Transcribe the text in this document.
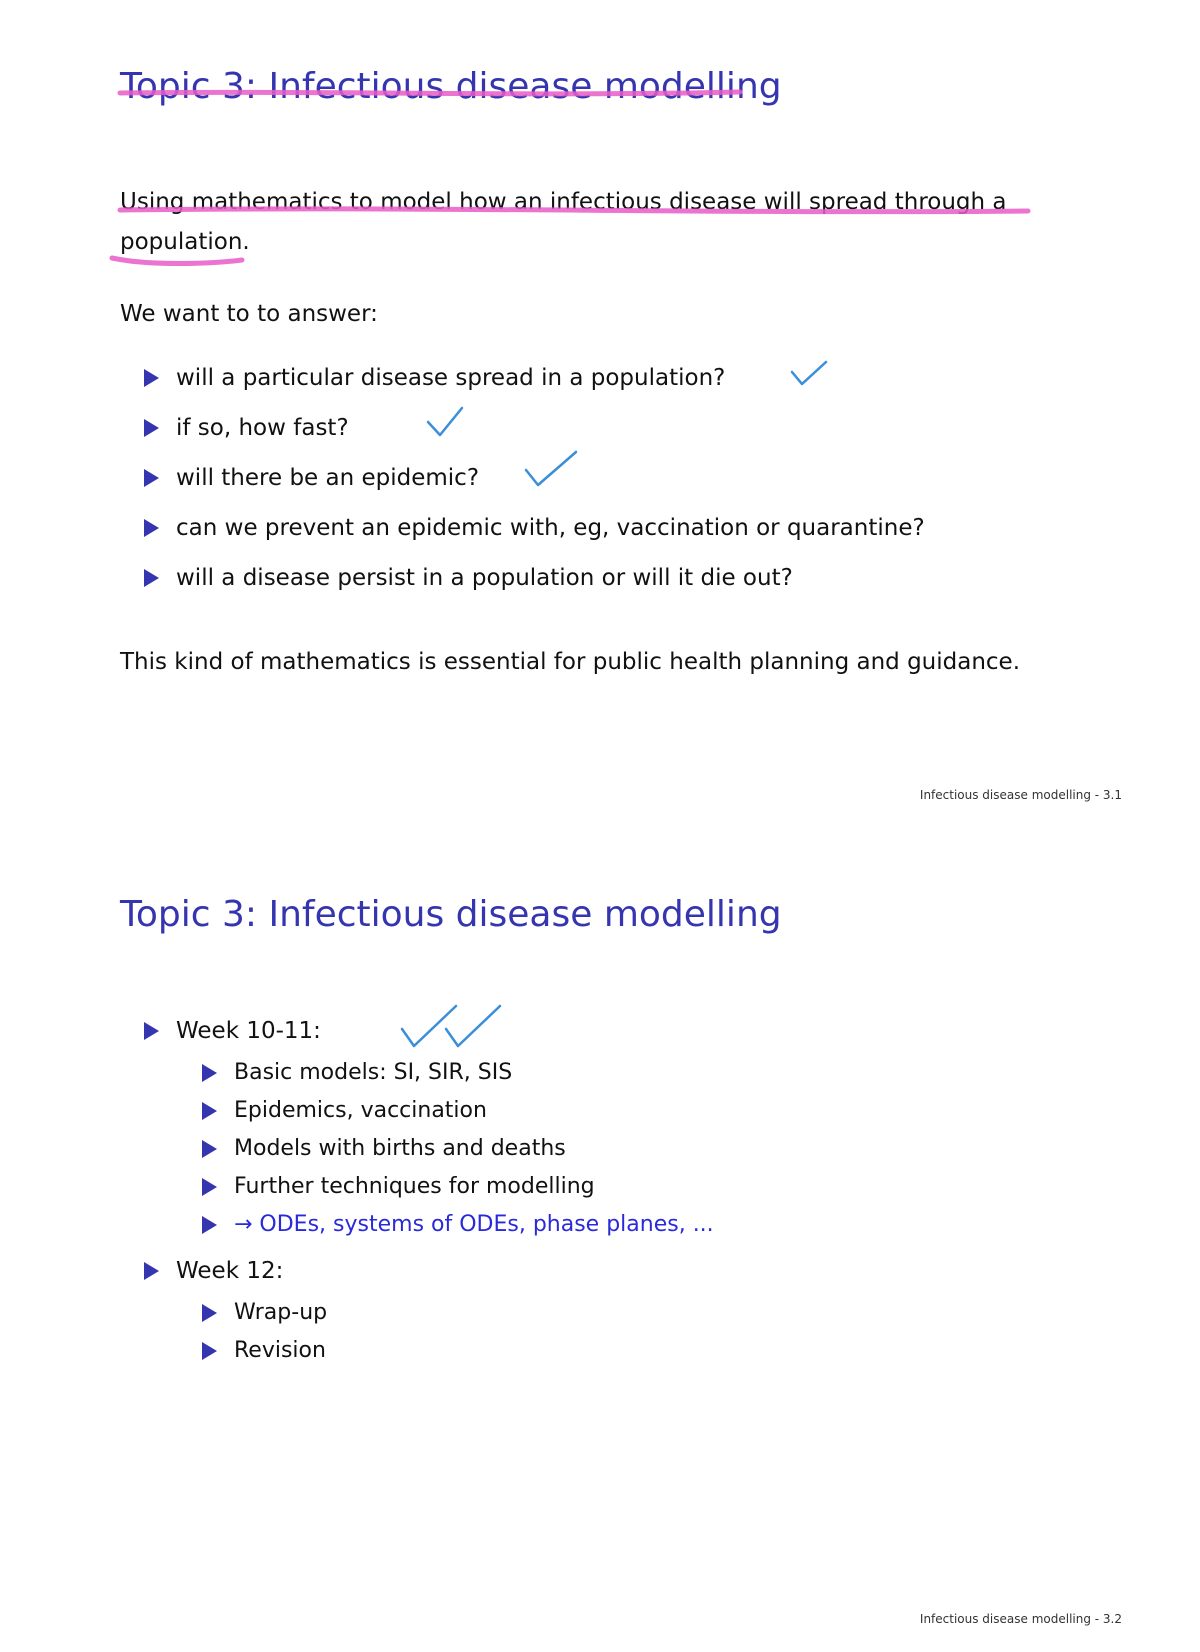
Topic 3: Infectious disease modelling

Using mathematics to model how an infectious disease will spread through a

population.

We want to to answer:

will a particular disease spread in a population?
if so, how fast?
will there be an epidemic?
can we prevent an epidemic with, eg, vaccination or quarantine?
will a disease persist in a population or will it die out?

This kind of mathematics is essential for public health planning and guidance.

Infectious disease modelling - 3.1
Topic 3: Infectious disease modelling
Week 10-11:
Basic models: SI, SIR, SIS
Epidemics, vaccination
Models with births and deaths
Further techniques for modelling
→ ODEs, systems of ODEs, phase planes, ...
Week 12:
Wrap-up
Revision
Infectious disease modelling - 3.2
